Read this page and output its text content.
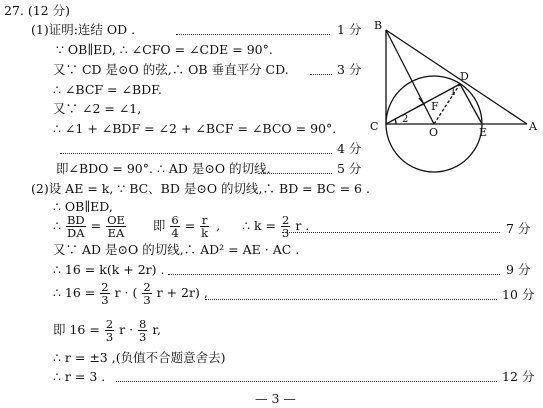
27. (12 分)
(1)证明:连结 OD .	1 分
∵ OB∥ED, ∴ ∠CFO = ∠CDE = 90°.
又∵ CD 是⊙O 的弦,∴ OB 垂直平分 CD.	3 分
∴ ∠BCF = ∠BDF.
又∵ ∠2 = ∠1,
∴ ∠1 + ∠BDF = ∠2 + ∠BCF = ∠BCO = 90°.
4 分
即∠BDO = 90°. ∴ AD 是⊙O 的切线.	5 分
(2)设 AE = k, ∵ BC、BD 是⊙O 的切线,∴ BD = BC = 6 .
∴ OB∥ED,
∴ $\frac{BD}{DA} = \frac{OE}{EA}$ 即 $\frac{6}{4} = \frac{r}{k}$ , ∴ $k = \frac{2}{3}$ r .	7 分
又∵ AD 是⊙O 的切线,∴ AD² = AE · AC .
∴ 16 = k(k + 2r) .	9 分
∴ $16 = \frac{2}{3}$ r · ( $\frac{2}{3}$ r + 2r) ,	10 分
即 $16 = \frac{2}{3}$ $r \cdot \frac{8}{3} r$,
∴ r = ±3 ,(负值不合题意舍去)
∴ r = 3 .	12 分
— 3 —
B
D
C	O	E	A
F
2
1
